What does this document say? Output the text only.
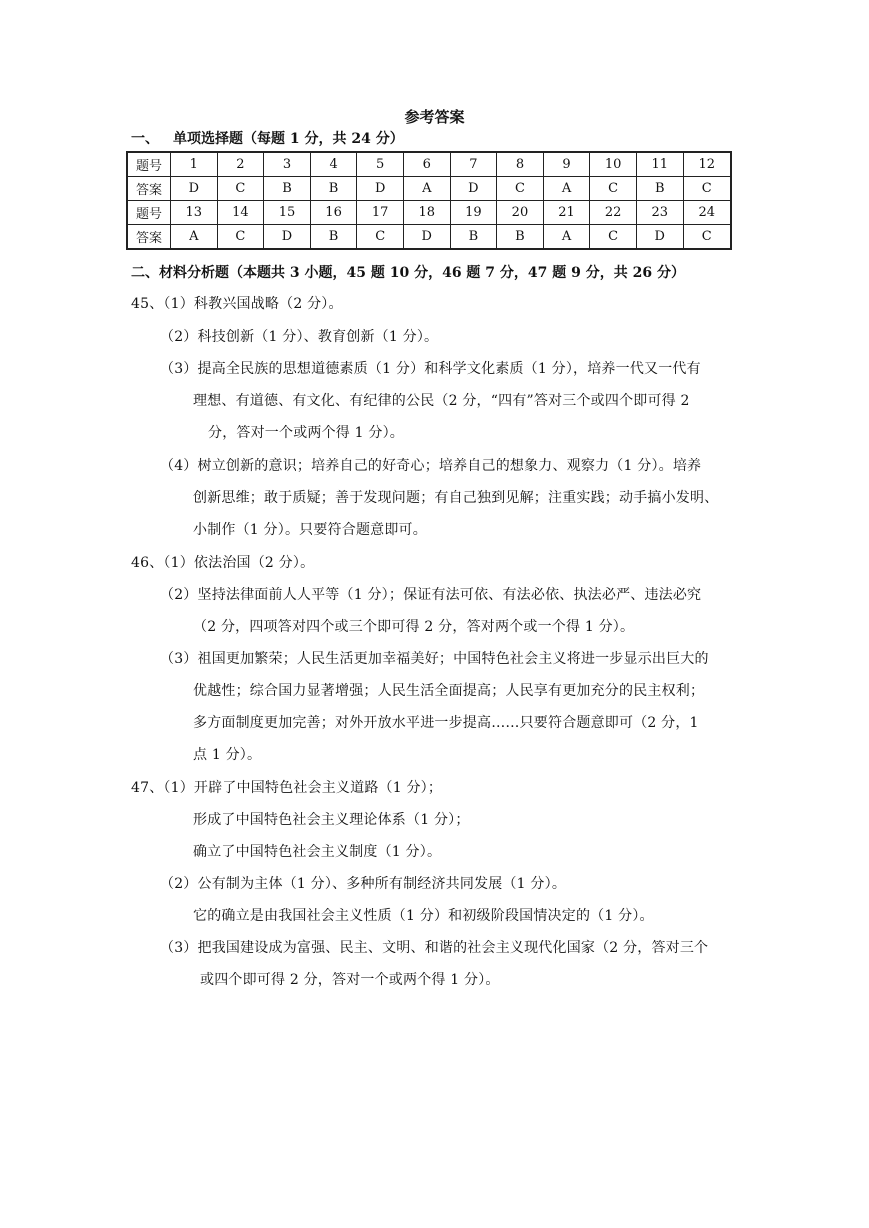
参考答案
一、 单项选择题（每题 1 分，共 24 分）
题号	1	2	3	4	5	6	7	8	9	10	11	12
答案	D	C	B	B	D	A	D	C	A	C	B	C
题号	13	14	15	16	17	18	19	20	21	22	23	24
答案	A	C	D	B	C	D	B	B	A	C	D	C
二、材料分析题（本题共 3 小题，45 题 10 分，46 题 7 分，47 题 9 分，共 26 分）
45、（1）科教兴国战略（2 分）。
（2）科技创新（1 分）、教育创新（1 分）。
（3）提高全民族的思想道德素质（1 分）和科学文化素质（1 分），培养一代又一代有
理想、有道德、有文化、有纪律的公民（2 分，“四有”答对三个或四个即可得 2
分，答对一个或两个得 1 分）。
（4）树立创新的意识；培养自己的好奇心；培养自己的想象力、观察力（1 分）。培养
创新思维；敢于质疑；善于发现问题；有自己独到见解；注重实践；动手搞小发明、
小制作（1 分）。只要符合题意即可。
46、（1）依法治国（2 分）。
（2）坚持法律面前人人平等（1 分）；保证有法可依、有法必依、执法必严、违法必究
（2 分，四项答对四个或三个即可得 2 分，答对两个或一个得 1 分）。
（3）祖国更加繁荣；人民生活更加幸福美好；中国特色社会主义将进一步显示出巨大的
优越性；综合国力显著增强；人民生活全面提高；人民享有更加充分的民主权利；
多方面制度更加完善；对外开放水平进一步提高……只要符合题意即可（2 分，1
点 1 分）。
47、（1）开辟了中国特色社会主义道路（1 分）；
形成了中国特色社会主义理论体系（1 分）；
确立了中国特色社会主义制度（1 分）。
（2）公有制为主体（1 分）、多种所有制经济共同发展（1 分）。
它的确立是由我国社会主义性质（1 分）和初级阶段国情决定的（1 分）。
（3）把我国建设成为富强、民主、文明、和谐的社会主义现代化国家（2 分，答对三个
或四个即可得 2 分，答对一个或两个得 1 分）。
